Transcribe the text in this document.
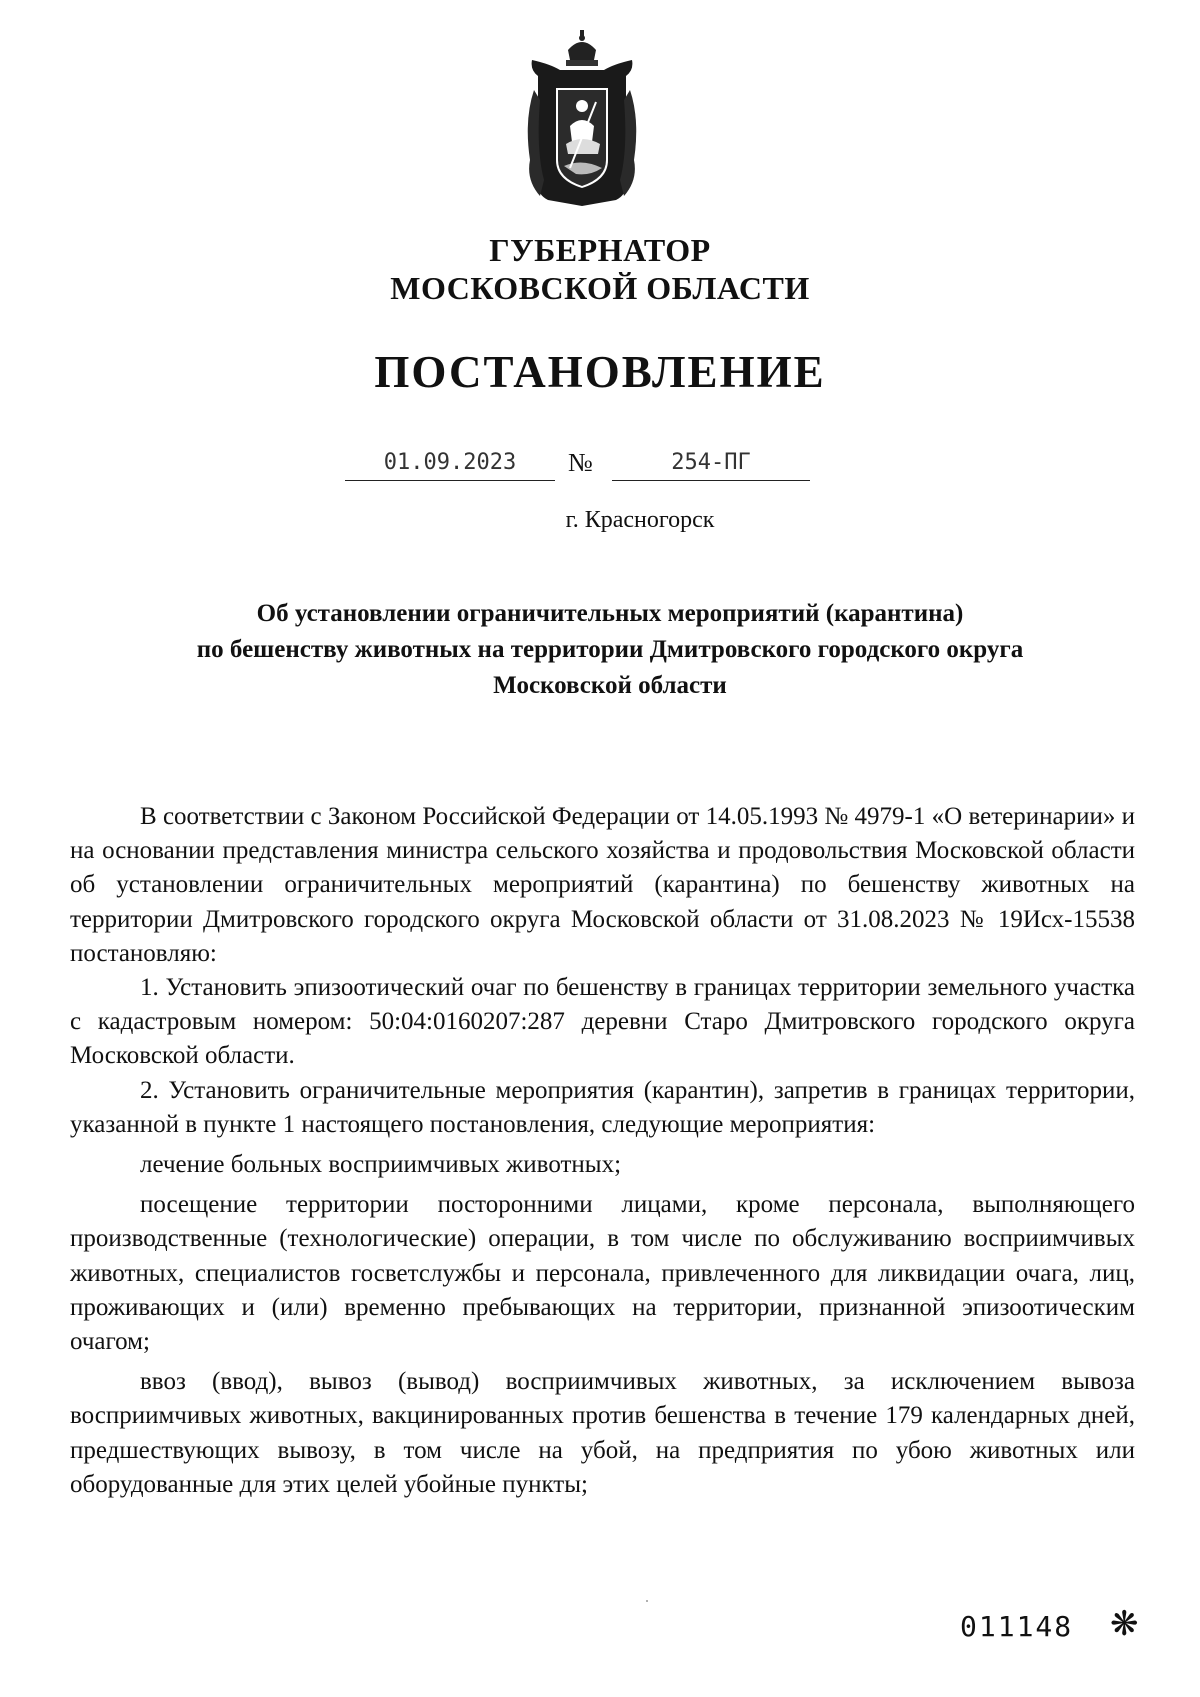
ГУБЕРНАТОР
МОСКОВСКОЙ ОБЛАСТИ
ПОСТАНОВЛЕНИЕ
01.09.2023	№	254-ПГ
г. Красногорск
Об установлении ограничительных мероприятий (карантина)
по бешенству животных на территории Дмитровского городского округа
Московской области

В соответствии с Законом Российской Федерации от 14.05.1993 № 4979-1 «О ветеринарии» и на основании представления министра сельского хозяйства и продовольствия Московской области об установлении ограничительных мероприятий (карантина) по бешенству животных на территории Дмитровского городского округа Московской области от 31.08.2023 № 19Исх-15538 постановляю:

1. Установить эпизоотический очаг по бешенству в границах территории земельного участка с кадастровым номером: 50:04:0160207:287 деревни Старо Дмитровского городского округа Московской области.

2. Установить ограничительные мероприятия (карантин), запретив в границах территории, указанной в пункте 1 настоящего постановления, следующие мероприятия:

лечение больных восприимчивых животных;

посещение территории посторонними лицами, кроме персонала, выполняющего производственные (технологические) операции, в том числе по обслуживанию восприимчивых животных, специалистов госветслужбы и персонала, привлеченного для ликвидации очага, лиц, проживающих и (или) временно пребывающих на территории, признанной эпизоотическим очагом;

ввоз (ввод), вывоз (вывод) восприимчивых животных, за исключением вывоза восприимчивых животных, вакцинированных против бешенства в течение 179 календарных дней, предшествующих вывозу, в том числе на убой, на предприятия по убою животных или оборудованные для этих целей убойные пункты;

011148 ❋
